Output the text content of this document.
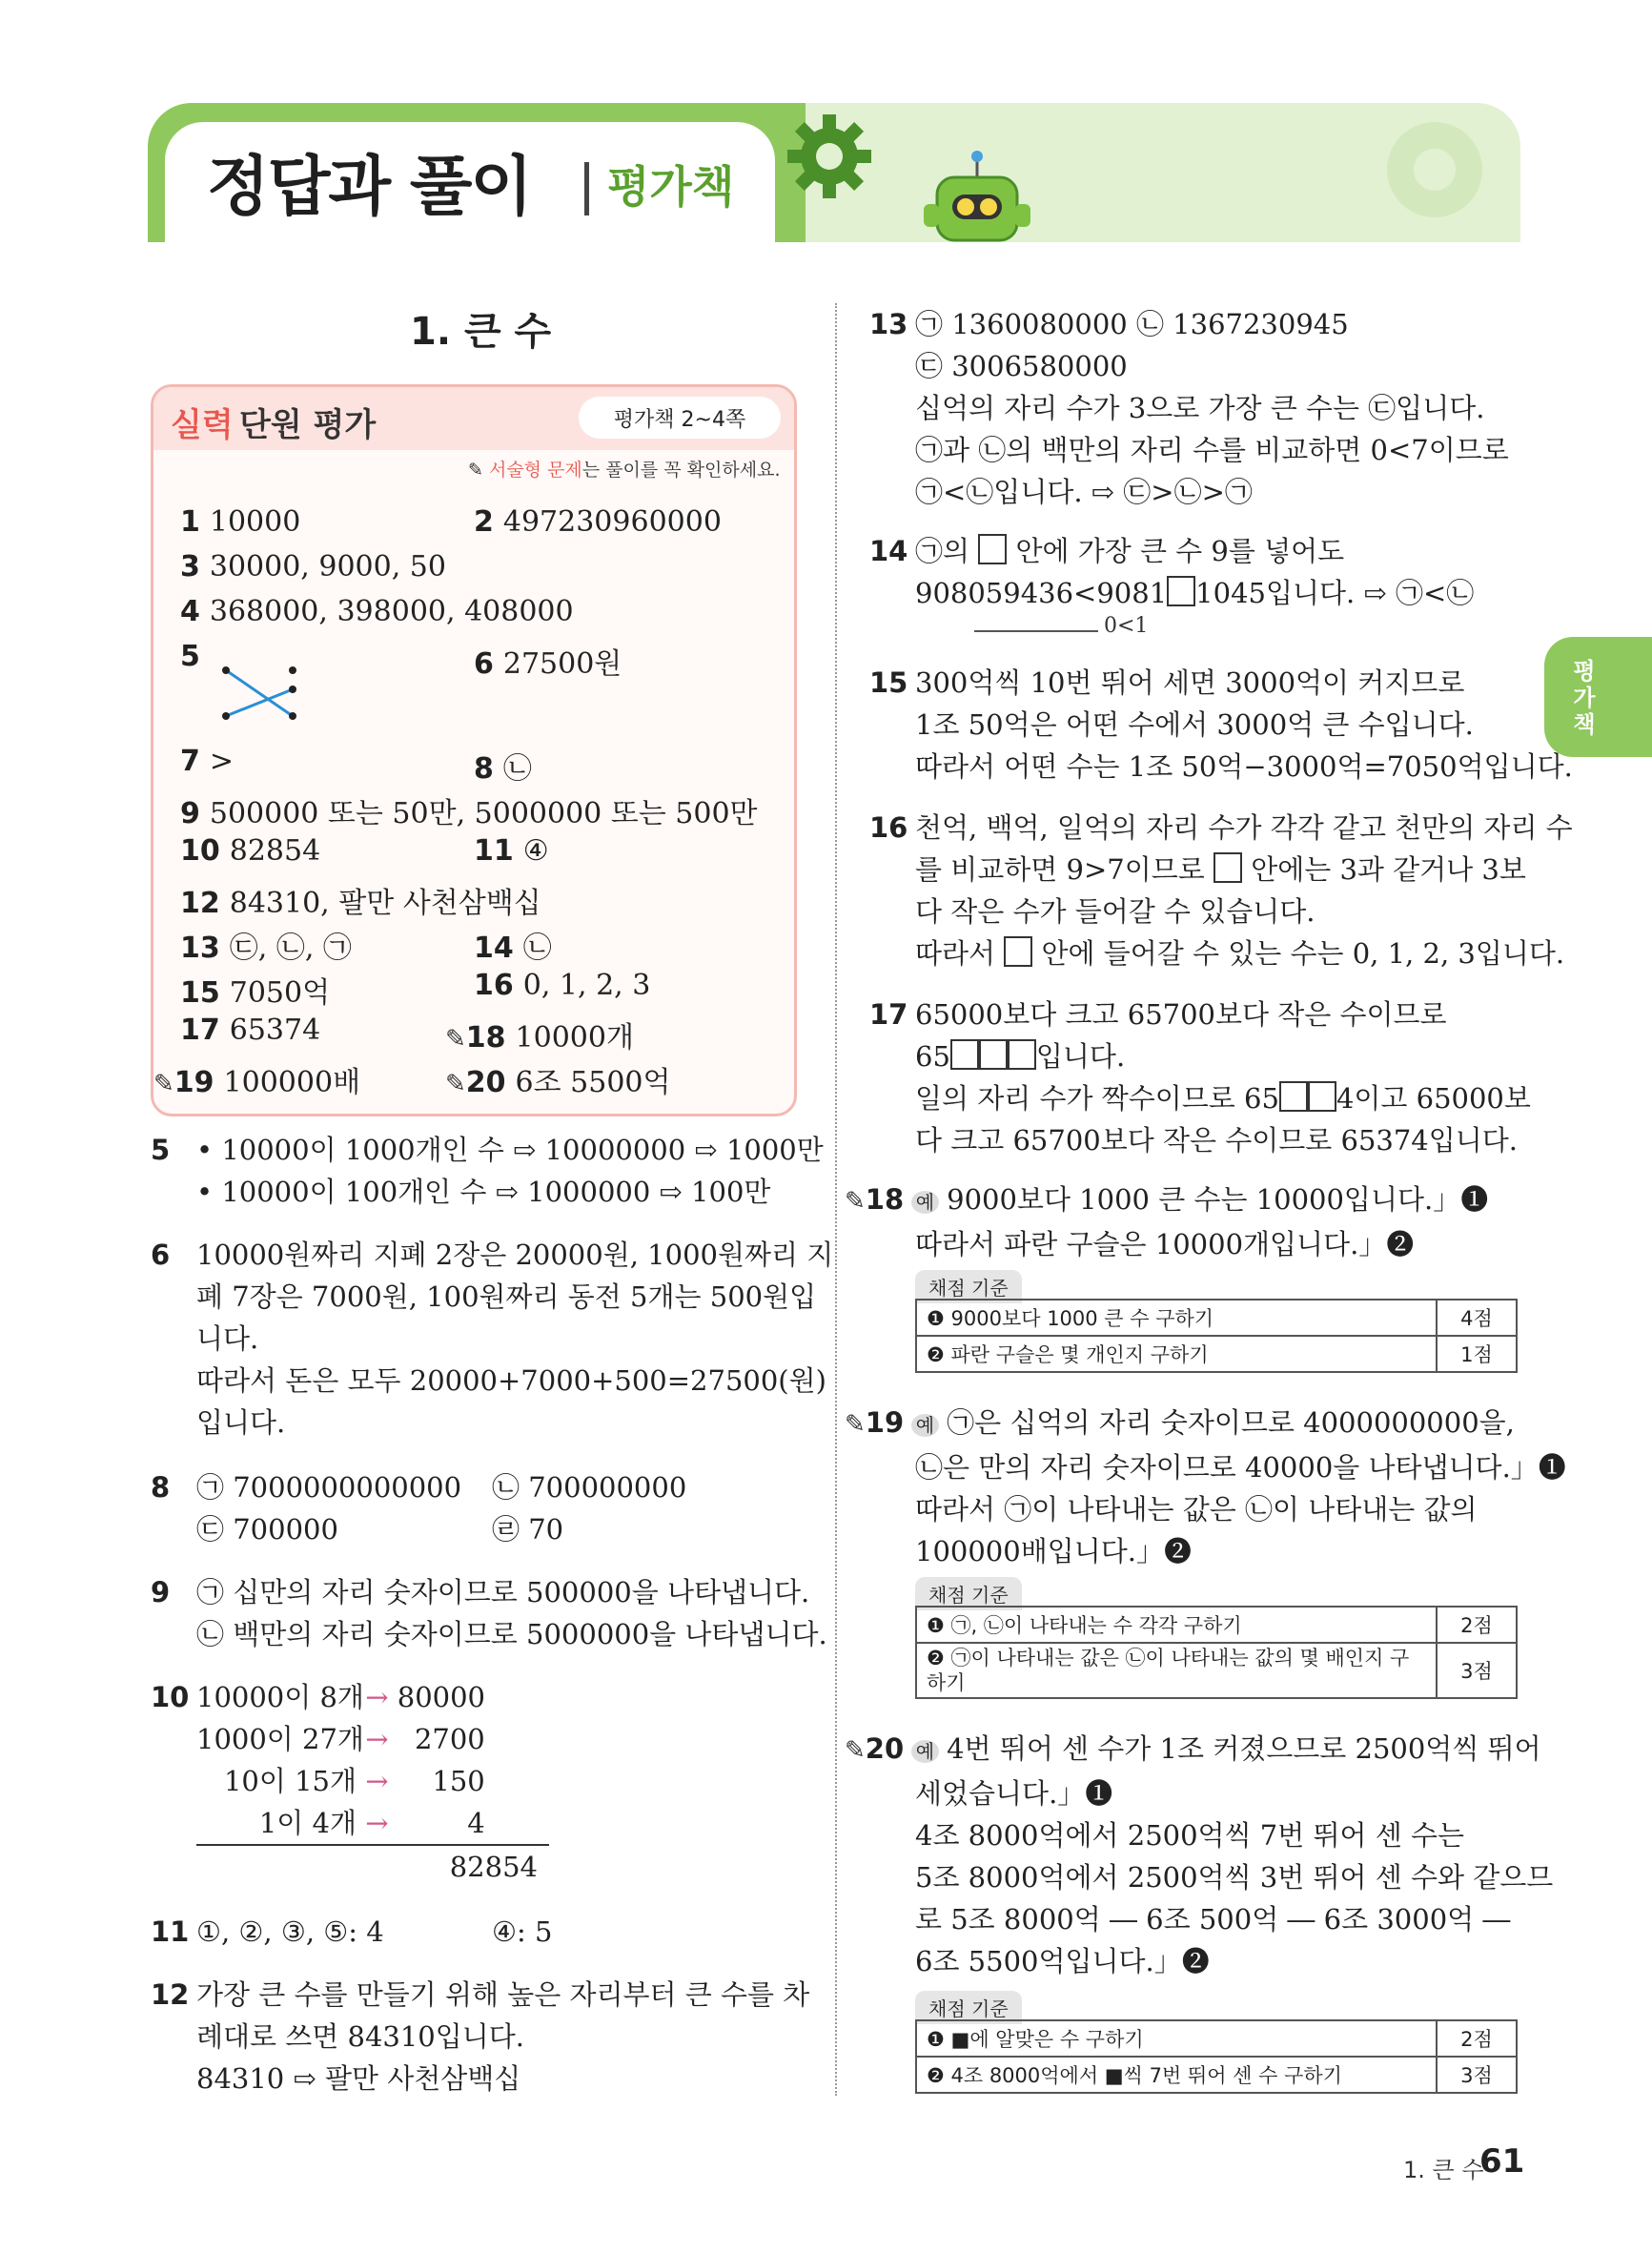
정답과 풀이 평가책
평가책
1. 큰 수
실력 단원 평가	평가책 2~4쪽
✎ 서술형 문제는 풀이를 꼭 확인하세요.
1 10000	2 497230960000
3 30000, 9000, 50
4 368000, 398000, 408000
5	6 27500원
7 >	8 ㉡
9 500000 또는 50만, 5000000 또는 500만
10 82854	11 ④
12 84310, 팔만 사천삼백십
13 ㉢, ㉡, ㉠	14 ㉡
15 7050억	16 0, 1, 2, 3
17 65374	✎18 10000개
✎19 100000배	✎20 6조 5500억
5 • 10000이 1000개인 수 ⇨ 10000000 ⇨ 1000만
• 10000이 100개인 수 ⇨ 1000000 ⇨ 100만
6 10000원짜리 지폐 2장은 20000원, 1000원짜리 지
폐 7장은 7000원, 100원짜리 동전 5개는 500원입
니다.
따라서 돈은 모두 20000+7000+500=27500(원)
입니다.
8 ㉠ 7000000000000 ㉡ 700000000
㉢ 700000	㉣ 70
9 ㉠ 십만의 자리 숫자이므로 500000을 나타냅니다.
㉡ 백만의 자리 숫자이므로 5000000을 나타냅니다.
10 10000이 8개 → 80000
1000이 27개 → 2700
10이 15개 → 150
1이 4개 →	4
82854
11 ①, ②, ③, ⑤: 4	④: 5
12 가장 큰 수를 만들기 위해 높은 자리부터 큰 수를 차
례대로 쓰면 84310입니다.
84310 ⇨ 팔만 사천삼백십
13 ㉠ 1360080000 ㉡ 1367230945
㉢ 3006580000
십억의 자리 수가 3으로 가장 큰 수는 ㉢입니다.
㉠과 ㉡의 백만의 자리 수를 비교하면 0<7이므로
㉠<㉡입니다. ⇨ ㉢>㉡>㉠
14 ㉠의 안에 가장 큰 수 9를 넣어도
908059436<9081 1045입니다. ⇨ ㉠<㉡
0<1
15 300억씩 10번 뛰어 세면 3000억이 커지므로
1조 50억은 어떤 수에서 3000억 큰 수입니다.
따라서 어떤 수는 1조 50억−3000억=7050억입니다.
16 천억, 백억, 일억의 자리 수가 각각 같고 천만의 자리 수
를 비교하면 9>7이므로 안에는 3과 같거나 3보
다 작은 수가 들어갈 수 있습니다.
따라서 안에 들어갈 수 있는 수는 0, 1, 2, 3입니다.
17 65000보다 크고 65700보다 작은 수이므로
65	입니다.
일의 자리 수가 짝수이므로 65 4이고 65000보
다 크고 65700보다 작은 수이므로 65374입니다.
✎18 예 9000보다 1000 큰 수는 10000입니다.」❶
따라서 파란 구슬은 10000개입니다.」❷
채점 기준
❶ 9000보다 1000 큰 수 구하기	4점
❷ 파란 구슬은 몇 개인지 구하기	1점
✎19 예 ㉠은 십억의 자리 숫자이므로 4000000000을,
㉡은 만의 자리 숫자이므로 40000을 나타냅니다.」❶
따라서 ㉠이 나타내는 값은 ㉡이 나타내는 값의
100000배입니다.」❷
채점 기준
❶ ㉠, ㉡이 나타내는 수 각각 구하기	2점
❷ ㉠이 나타내는 값은 ㉡이 나타내는 값의 몇 배인지 구하기	3점
✎20 예 4번 뛰어 센 수가 1조 커졌으므로 2500억씩 뛰어
세었습니다.」❶
4조 8000억에서 2500억씩 7번 뛰어 센 수는
5조 8000억에서 2500억씩 3번 뛰어 센 수와 같으므
로 5조 8000억 ― 6조 500억 ― 6조 3000억 ―
6조 5500억입니다.」❷
채점 기준
❶ ■에 알맞은 수 구하기	2점
❷ 4조 8000억에서 ■씩 7번 뛰어 센 수 구하기	3점
1. 큰 수
61
